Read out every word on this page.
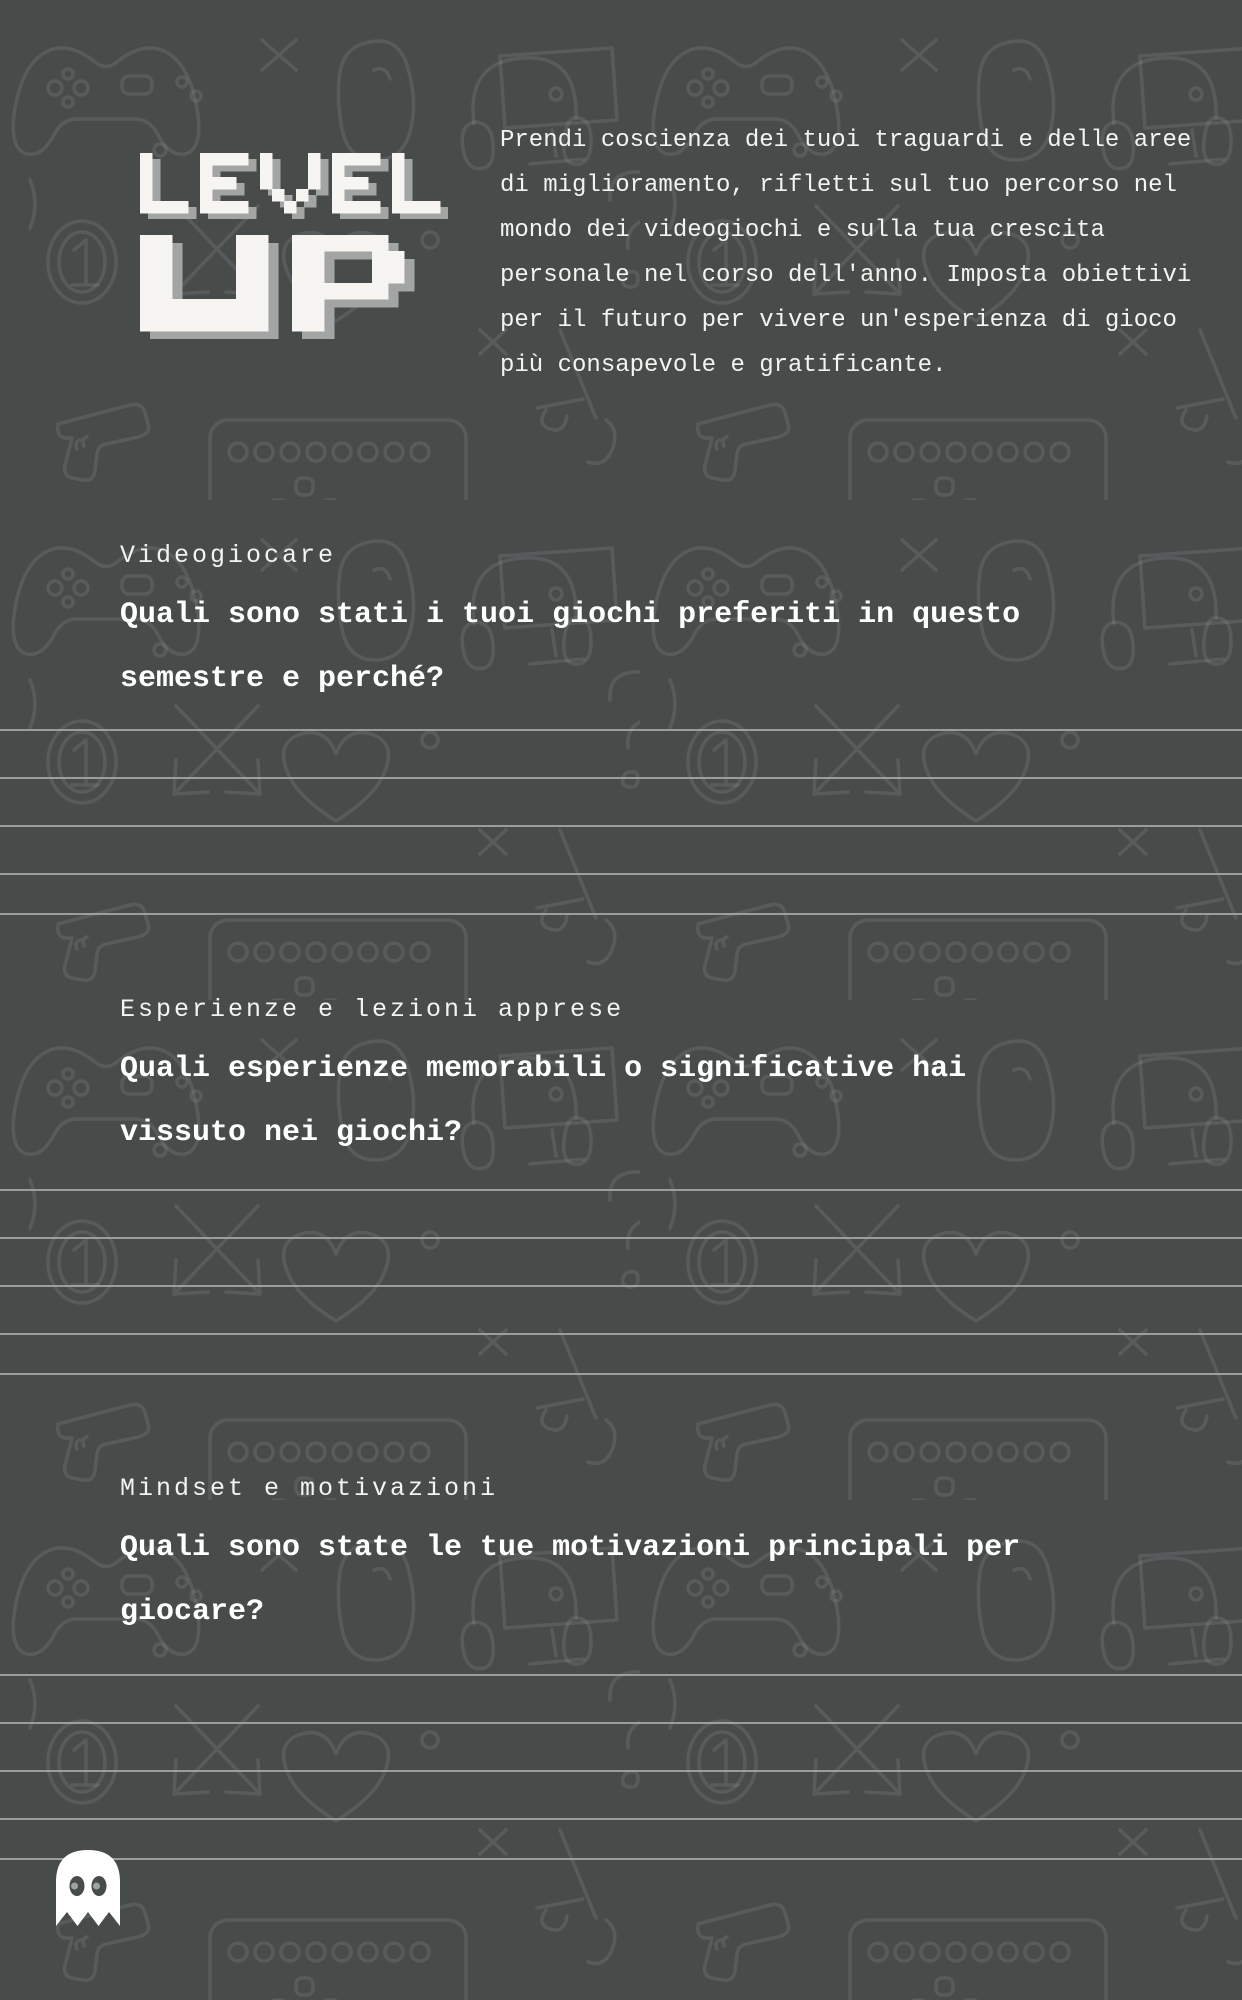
Prendi coscienza dei tuoi traguardi e delle aree di miglioramento, rifletti sul tuo percorso nel mondo dei videogiochi e sulla tua crescita personale nel corso dell'anno. Imposta obiettivi per il futuro per vivere un'esperienza di gioco più consapevole e gratificante.

Videogiocare

Quali sono stati i tuoi giochi preferiti in questo semestre e perché?

Esperienze e lezioni apprese

Quali esperienze memorabili o significative hai vissuto nei giochi?

Mindset e motivazioni

Quali sono state le tue motivazioni principali per giocare?
